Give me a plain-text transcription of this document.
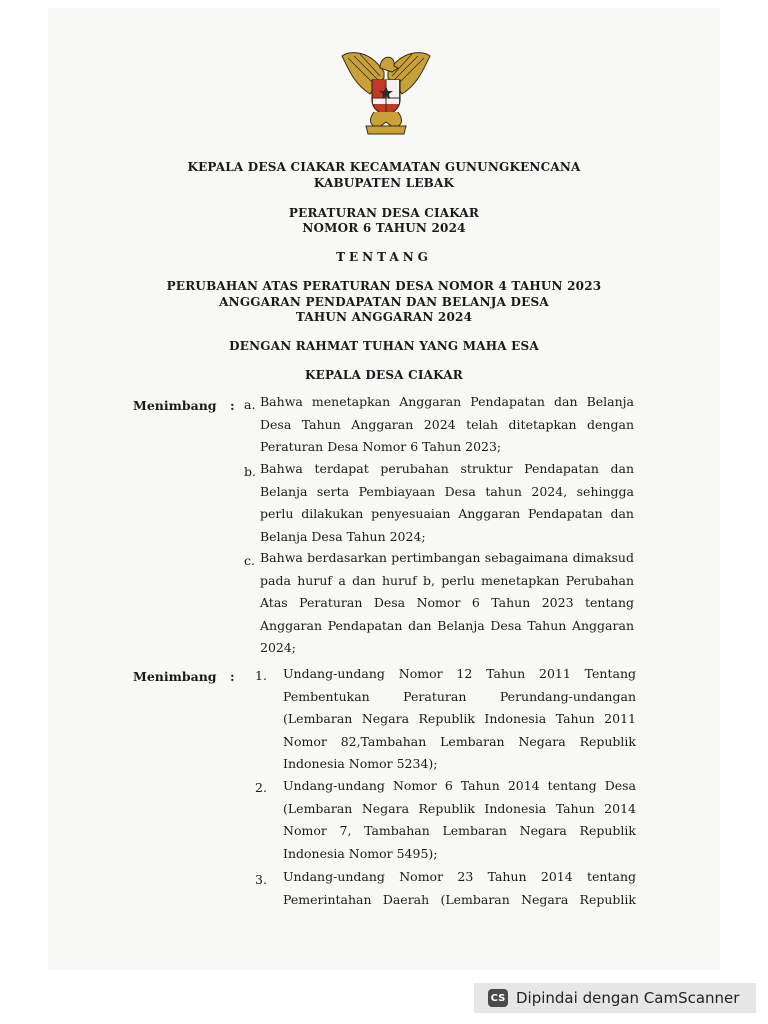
KEPALA DESA CIAKAR KECAMATAN GUNUNGKENCANA
KABUPATEN LEBAK
PERATURAN DESA CIAKAR
NOMOR 6 TAHUN 2024
TENTANG
PERUBAHAN ATAS PERATURAN DESA NOMOR 4 TAHUN 2023
ANGGARAN PENDAPATAN DAN BELANJA DESA
TAHUN ANGGARAN 2024
DENGAN RAHMAT TUHAN YANG MAHA ESA
KEPALA DESA CIAKAR
Menimbang : a. Bahwa menetapkan Anggaran Pendapatan dan Belanja
Desa Tahun Anggaran 2024 telah ditetapkan dengan
Peraturan Desa Nomor 6 Tahun 2023;
b. Bahwa terdapat perubahan struktur Pendapatan dan
Belanja serta Pembiayaan Desa tahun 2024, sehingga
perlu dilakukan penyesuaian Anggaran Pendapatan dan
Belanja Desa Tahun 2024;
c. Bahwa berdasarkan pertimbangan sebagaimana dimaksud
pada huruf a dan huruf b, perlu menetapkan Perubahan
Atas Peraturan Desa Nomor 6 Tahun 2023 tentang
Anggaran Pendapatan dan Belanja Desa Tahun Anggaran
2024;
Menimbang : 1. Undang-undang Nomor 12 Tahun 2011 Tentang
Pembentukan Peraturan Perundang-undangan
(Lembaran Negara Republik Indonesia Tahun 2011
Nomor 82,Tambahan Lembaran Negara Republik
Indonesia Nomor 5234);
2. Undang-undang Nomor 6 Tahun 2014 tentang Desa
(Lembaran Negara Republik Indonesia Tahun 2014
Nomor 7, Tambahan Lembaran Negara Republik
Indonesia Nomor 5495);
3. Undang-undang Nomor 23 Tahun 2014 tentang
Pemerintahan Daerah (Lembaran Negara Republik
CS Dipindai dengan CamScanner
